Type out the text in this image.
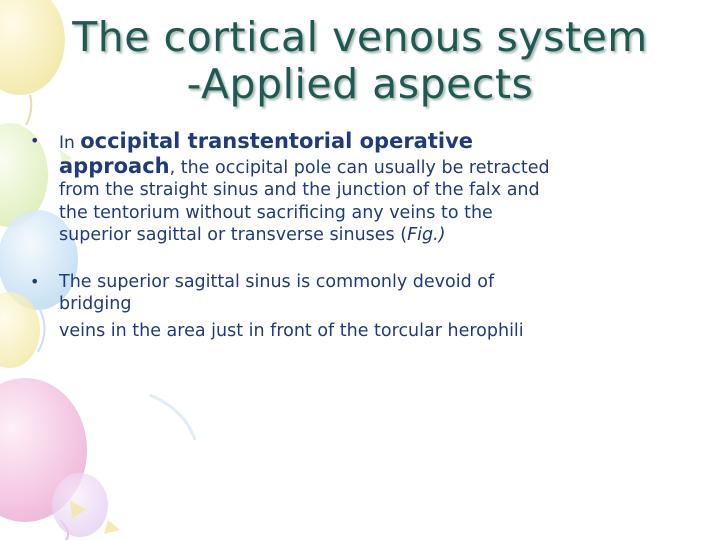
The cortical venous system
-Applied aspects
• In occipital transtentorial operative approach, the occipital pole can usually be retracted from the straight sinus and the junction of the falx and the tentorium without sacrificing any veins to the superior sagittal or transverse sinuses (Fig.)
• The superior sagittal sinus is commonly devoid of bridging
veins in the area just in front of the torcular herophili
